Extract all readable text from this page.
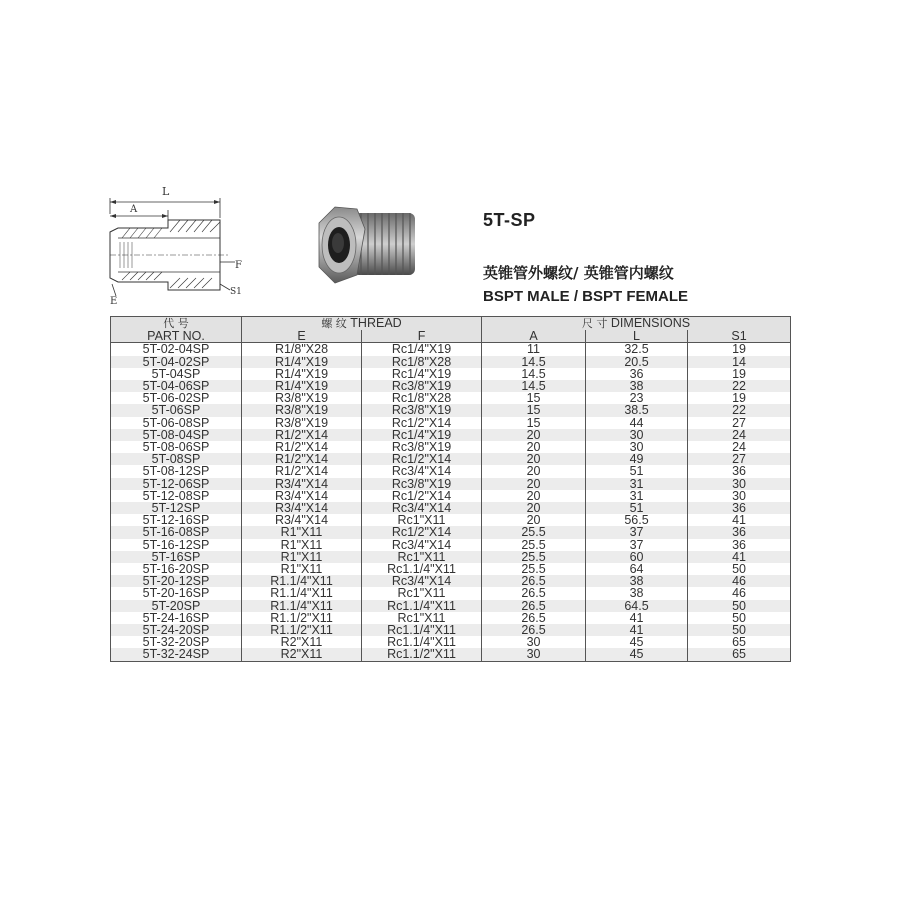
L
A
F
S1
E

5T-SP

英锥管外螺纹/ 英锥管内螺纹

BSPT MALE / BSPT FEMALE

代 号	螺 纹 THREAD		尺 寸 DIMENSIONS		
PART NO.	E	F	A	L	S1
5T-02-04SP	R1/8"X28	Rc1/4"X19	11	32.5	19
5T-04-02SP	R1/4"X19	Rc1/8"X28	14.5	20.5	14
5T-04SP	R1/4"X19	Rc1/4"X19	14.5	36	19
5T-04-06SP	R1/4"X19	Rc3/8"X19	14.5	38	22
5T-06-02SP	R3/8"X19	Rc1/8"X28	15	23	19
5T-06SP	R3/8"X19	Rc3/8"X19	15	38.5	22
5T-06-08SP	R3/8"X19	Rc1/2"X14	15	44	27
5T-08-04SP	R1/2"X14	Rc1/4"X19	20	30	24
5T-08-06SP	R1/2"X14	Rc3/8"X19	20	30	24
5T-08SP	R1/2"X14	Rc1/2"X14	20	49	27
5T-08-12SP	R1/2"X14	Rc3/4"X14	20	51	36
5T-12-06SP	R3/4"X14	Rc3/8"X19	20	31	30
5T-12-08SP	R3/4"X14	Rc1/2"X14	20	31	30
5T-12SP	R3/4"X14	Rc3/4"X14	20	51	36
5T-12-16SP	R3/4"X14	Rc1"X11	20	56.5	41
5T-16-08SP	R1"X11	Rc1/2"X14	25.5	37	36
5T-16-12SP	R1"X11	Rc3/4"X14	25.5	37	36
5T-16SP	R1"X11	Rc1"X11	25.5	60	41
5T-16-20SP	R1"X11	Rc1.1/4"X11	25.5	64	50
5T-20-12SP	R1.1/4"X11	Rc3/4"X14	26.5	38	46
5T-20-16SP	R1.1/4"X11	Rc1"X11	26.5	38	46
5T-20SP	R1.1/4"X11	Rc1.1/4"X11	26.5	64.5	50
5T-24-16SP	R1.1/2"X11	Rc1"X11	26.5	41	50
5T-24-20SP	R1.1/2"X11	Rc1.1/4"X11	26.5	41	50
5T-32-20SP	R2"X11	Rc1.1/4"X11	30	45	65
5T-32-24SP	R2"X11	Rc1.1/2"X11	30	45	65
